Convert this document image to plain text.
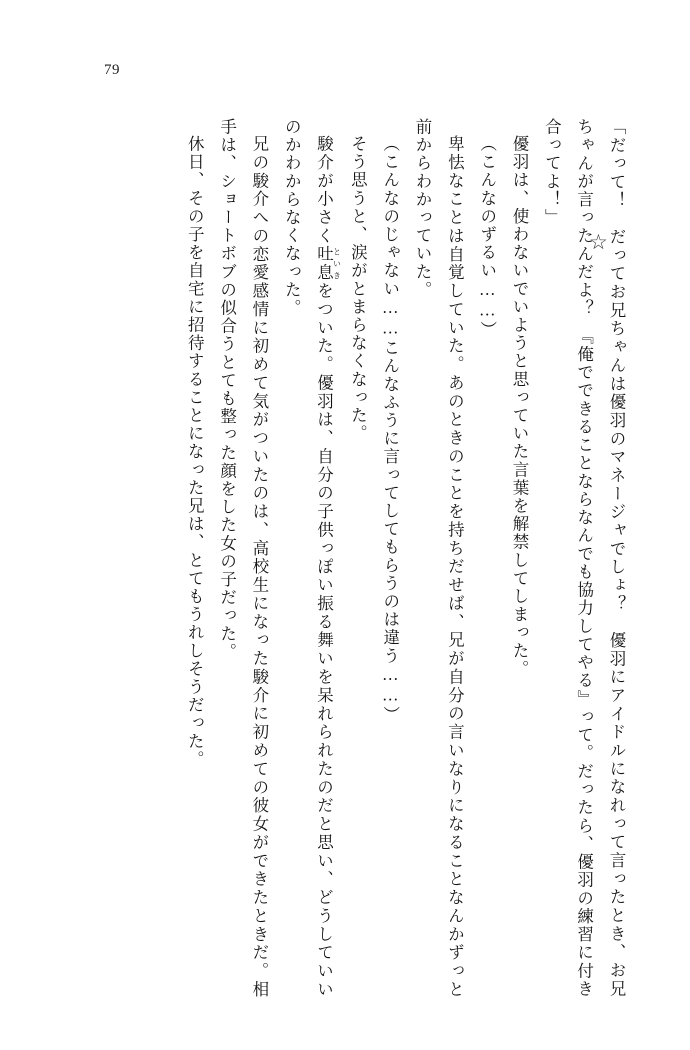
79
☆ 「だって！　だってお兄ちゃんは優羽のマネージャでしょ？　優羽にアイドルになれって言ったとき、お兄ちゃんが言ったんだよ？　『俺でできることならなんでも協力してやる』って。だったら、優羽の練習に付き合ってよ！」

優羽は、使わないでいようと思っていた言葉を解禁してしまった。

（こんなのずるい……）

卑怯なことは自覚していた。あのときのことを持ちだせば、兄が自分の言いなりになることなんかずっと前からわかっていた。

（こんなのじゃない……こんなふうに言ってしてもらうのは違う……）

そう思うと、涙がとまらなくなった。

駿介が小さく吐息 といきをついた。優羽は、自分の子供っぽい振る舞いを呆れられたのだと思い、どうしていいのかわからなくなった。

兄の駿介への恋愛感情に初めて気がついたのは、高校生になった駿介に初めての彼女ができたときだ。相手は、ショートボブの似合うとても整った顔をした女の子だった。

休日、その子を自宅に招待することになった兄は、とてもうれしそうだった。
